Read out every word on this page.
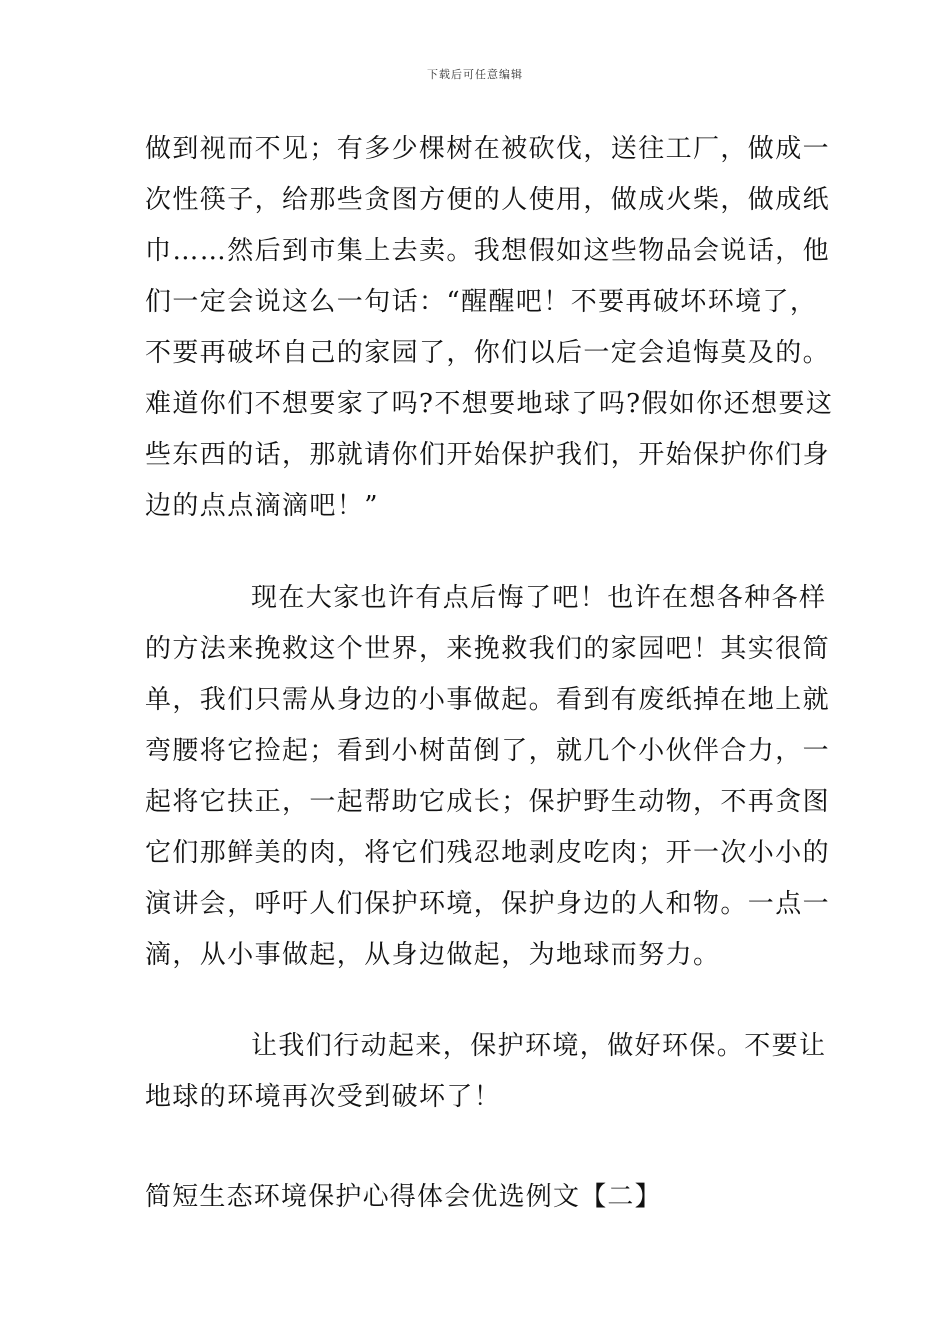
下载后可任意编辑

做到视而不见；有多少棵树在被砍伐，送往工厂，做成一
次性筷子，给那些贪图方便的人使用，做成火柴，做成纸
巾……然后到市集上去卖。我想假如这些物品会说话，他
们一定会说这么一句话：“醒醒吧！不要再破坏环境了，
不要再破坏自己的家园了，你们以后一定会追悔莫及的。
难道你们不想要家了吗?不想要地球了吗?假如你还想要这
些东西的话，那就请你们开始保护我们，开始保护你们身
边的点点滴滴吧！”

现在大家也许有点后悔了吧！也许在想各种各样
的方法来挽救这个世界，来挽救我们的家园吧！其实很简
单，我们只需从身边的小事做起。看到有废纸掉在地上就
弯腰将它捡起；看到小树苗倒了，就几个小伙伴合力，一
起将它扶正，一起帮助它成长；保护野生动物，不再贪图
它们那鲜美的肉，将它们残忍地剥皮吃肉；开一次小小的
演讲会，呼吁人们保护环境，保护身边的人和物。一点一
滴，从小事做起，从身边做起，为地球而努力。

让我们行动起来，保护环境，做好环保。不要让
地球的环境再次受到破坏了！

简短生态环境保护心得体会优选例文【二】
